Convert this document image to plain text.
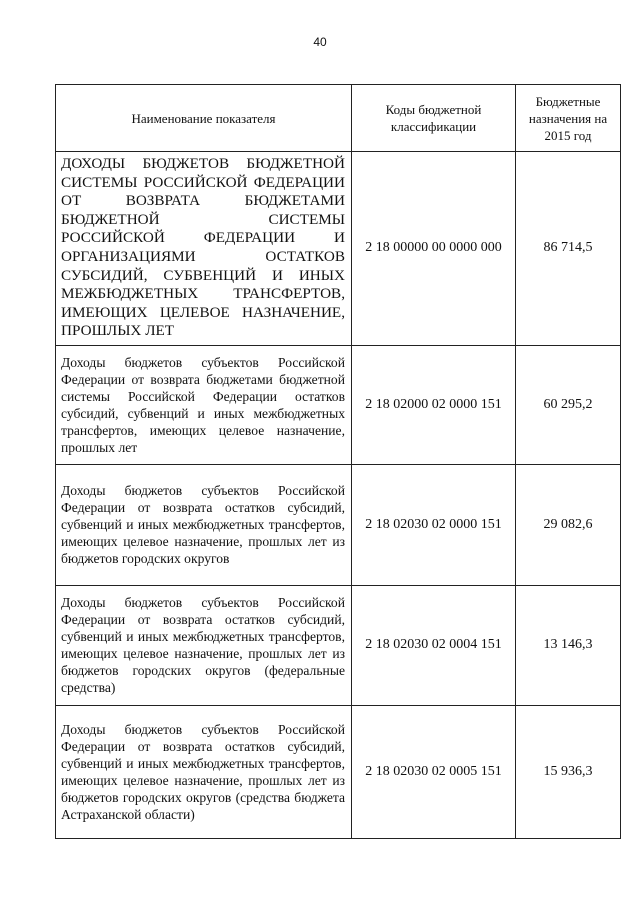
40
Наименование показателя	Коды бюджетной классификации	Бюджетные назначения на 2015 год
ДОХОДЫ БЮДЖЕТОВ БЮДЖЕТНОЙ СИСТЕМЫ РОССИЙСКОЙ ФЕДЕРАЦИИ ОТ ВОЗВРАТА БЮДЖЕТАМИ БЮДЖЕТНОЙ СИСТЕМЫ РОССИЙСКОЙ ФЕДЕРАЦИИ И ОРГАНИЗАЦИЯМИ ОСТАТКОВ СУБСИДИЙ, СУБВЕНЦИЙ И ИНЫХ МЕЖБЮДЖЕТНЫХ ТРАНСФЕРТОВ, ИМЕЮЩИХ ЦЕЛЕВОЕ НАЗНАЧЕНИЕ, ПРОШЛЫХ ЛЕТ	2 18 00000 00 0000 000	86 714,5
Доходы бюджетов субъектов Российской Федерации от возврата бюджетами бюджетной системы Российской Федерации остатков субсидий, субвенций и иных межбюджетных трансфертов, имеющих целевое назначение, прошлых лет	2 18 02000 02 0000 151	60 295,2
Доходы бюджетов субъектов Российской Федерации от возврата остатков субсидий, субвенций и иных межбюджетных трансфертов, имеющих целевое назначение, прошлых лет из бюджетов городских округов	2 18 02030 02 0000 151	29 082,6
Доходы бюджетов субъектов Российской Федерации от возврата остатков субсидий, субвенций и иных межбюджетных трансфертов, имеющих целевое назначение, прошлых лет из бюджетов городских округов (федеральные средства)	2 18 02030 02 0004 151	13 146,3
Доходы бюджетов субъектов Российской Федерации от возврата остатков субсидий, субвенций и иных межбюджетных трансфертов, имеющих целевое назначение, прошлых лет из бюджетов городских округов (средства бюджета Астраханской области)	2 18 02030 02 0005 151	15 936,3
